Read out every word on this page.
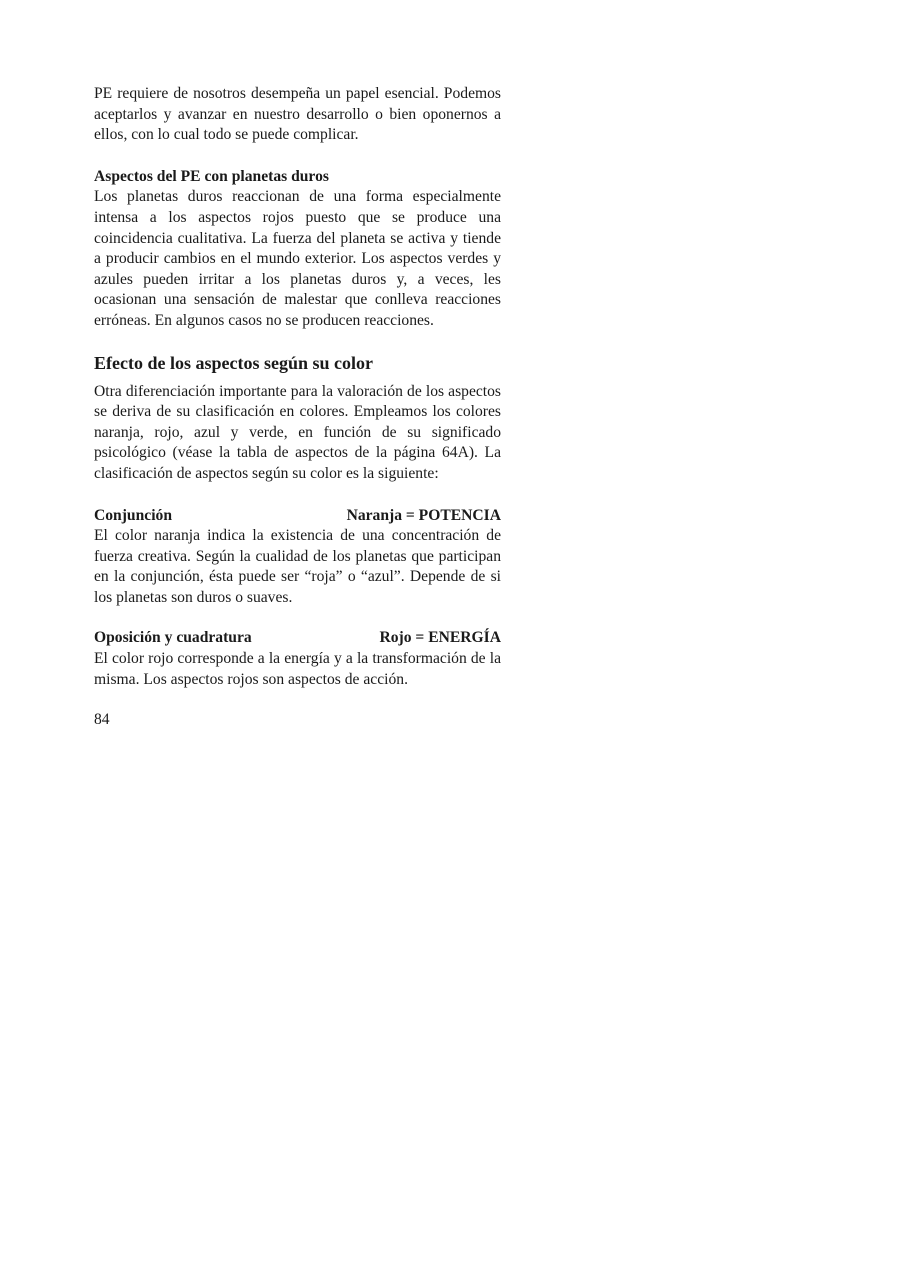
PE requiere de nosotros desempeña un papel esencial. Podemos aceptarlos y avanzar en nuestro desarrollo o bien oponernos a ellos, con lo cual todo se puede complicar.

Aspectos del PE con planetas duros

Los planetas duros reaccionan de una forma especialmente intensa a los aspectos rojos puesto que se produce una coincidencia cualitativa. La fuerza del planeta se activa y tiende a producir cambios en el mundo exterior. Los aspectos verdes y azules pueden irritar a los planetas duros y, a veces, les ocasionan una sensación de malestar que conlleva reacciones erróneas. En algunos casos no se producen reacciones.

Efecto de los aspectos según su color

Otra diferenciación importante para la valoración de los aspectos se deriva de su clasificación en colores. Empleamos los colores naranja, rojo, azul y verde, en función de su significado psicológico (véase la tabla de aspectos de la página 64A). La clasificación de aspectos según su color es la siguiente:

Conjunción	Naranja = POTENCIA

El color naranja indica la existencia de una concentración de fuerza creativa. Según la cualidad de los planetas que participan en la conjunción, ésta puede ser “roja” o “azul”. Depende de si los planetas son duros o suaves.

Oposición y cuadratura	Rojo = ENERGÍA

El color rojo corresponde a la energía y a la transformación de la misma. Los aspectos rojos son aspectos de acción.

84
